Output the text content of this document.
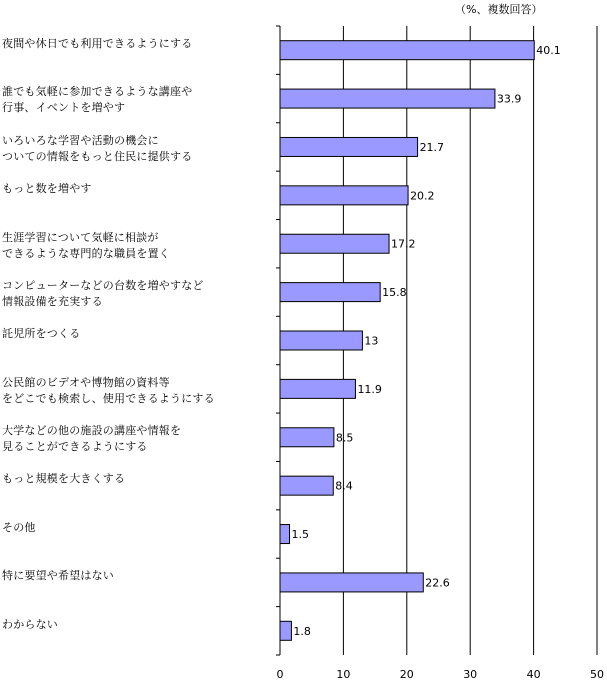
（%、複数回答）
夜間や休日でも利用できるようにする
誰でも気軽に参加できるような講座や
行事、イベントを増やす
いろいろな学習や活動の機会に
ついての情報をもっと住民に提供する
もっと数を増やす
生涯学習について気軽に相談が
できるような専門的な職員を置く
コンピューターなどの台数を増やすなど
情報設備を充実する
託児所をつくる
公民館のビデオや博物館の資料等
をどこでも検索し、使用できるようにする
大学などの他の施設の講座や情報を
見ることができるようにする
もっと規模を大きくする
その他
特に要望や希望はない
わからない
40.1
33.9
21.7
20.2
17.2
15.8
13
11.9
8.5
8.4
1.5
22.6
1.8
0	10	20	30	40	50
